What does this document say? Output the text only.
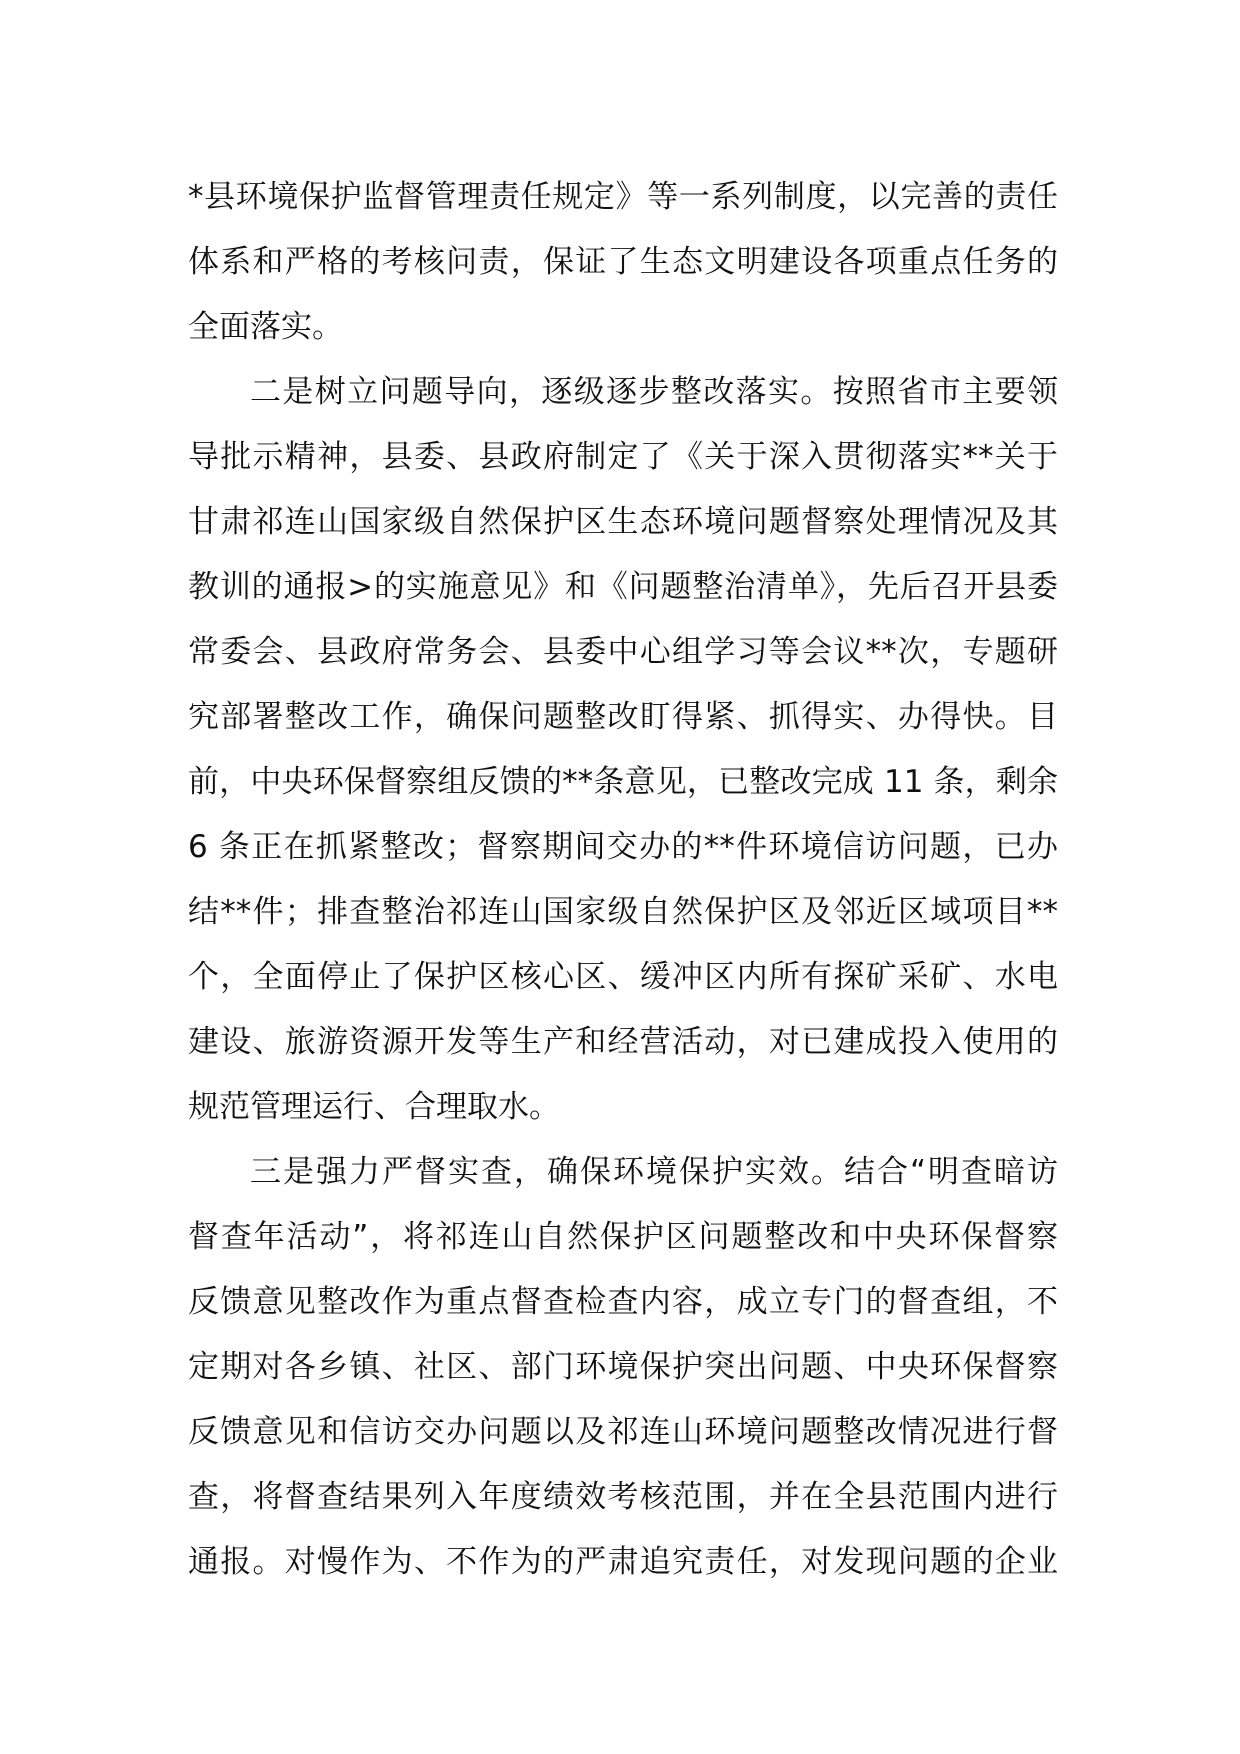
*县环境保护监督管理责任规定》等一系列制度，以完善的责任
体系和严格的考核问责，保证了生态文明建设各项重点任务的
全面落实。
二是树立问题导向，逐级逐步整改落实。按照省市主要领
导批示精神，县委、县政府制定了《关于深入贯彻落实**关于
甘肃祁连山国家级自然保护区生态环境问题督察处理情况及其
教训的通报>的实施意见》和《问题整治清单》，先后召开县委
常委会、县政府常务会、县委中心组学习等会议**次，专题研
究部署整改工作，确保问题整改盯得紧、抓得实、办得快。目
前，中央环保督察组反馈的**条意见，已整改完成 11 条，剩余
6 条正在抓紧整改；督察期间交办的**件环境信访问题，已办
结**件；排查整治祁连山国家级自然保护区及邻近区域项目**
个，全面停止了保护区核心区、缓冲区内所有探矿采矿、水电
建设、旅游资源开发等生产和经营活动，对已建成投入使用的
规范管理运行、合理取水。
三是强力严督实查，确保环境保护实效。结合“明查暗访
督查年活动”，将祁连山自然保护区问题整改和中央环保督察
反馈意见整改作为重点督查检查内容，成立专门的督查组，不
定期对各乡镇、社区、部门环境保护突出问题、中央环保督察
反馈意见和信访交办问题以及祁连山环境问题整改情况进行督
查，将督查结果列入年度绩效考核范围，并在全县范围内进行
通报。对慢作为、不作为的严肃追究责任，对发现问题的企业
